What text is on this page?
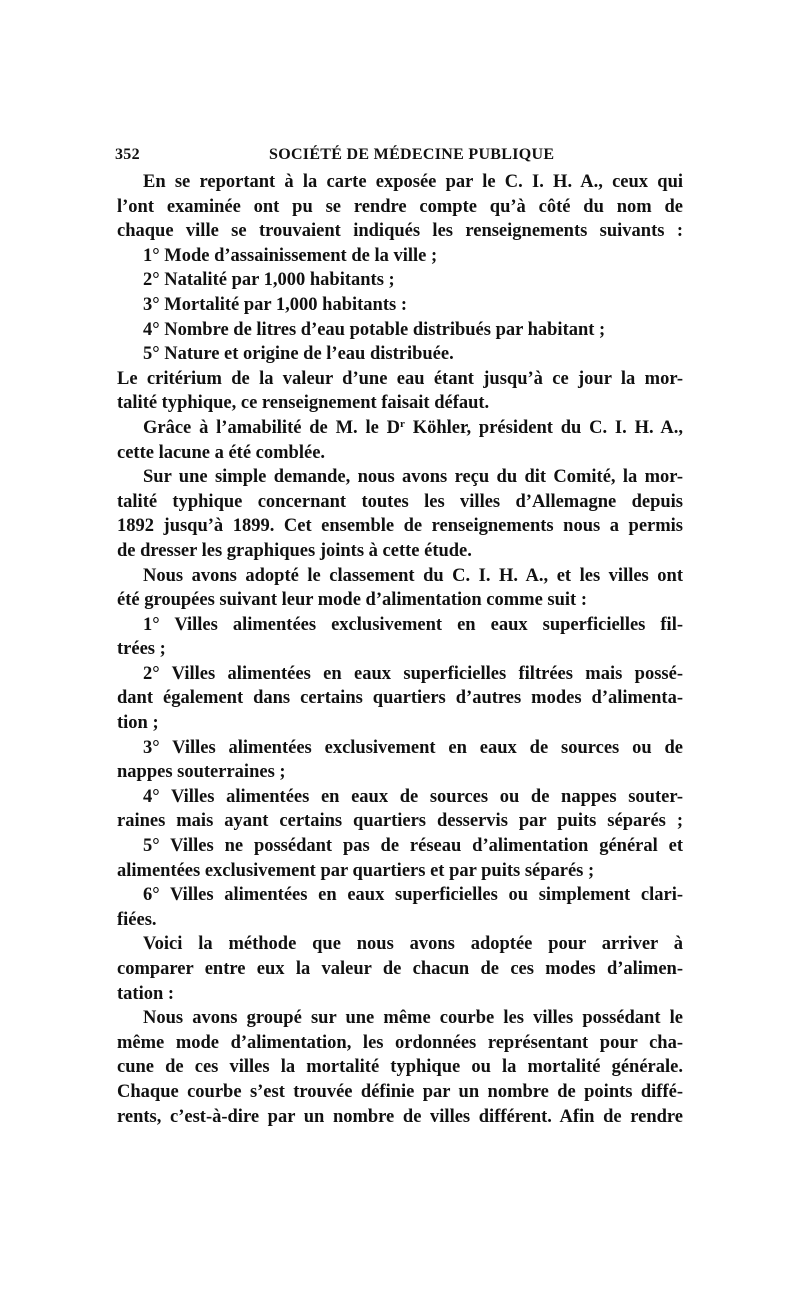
352	SOCIÉTÉ DE MÉDECINE PUBLIQUE
En se reportant à la carte exposée par le C. I. H. A., ceux qui
l’ont examinée ont pu se rendre compte qu’à côté du nom de
chaque ville se trouvaient indiqués les renseignements suivants :
1° Mode d’assainissement de la ville ;
2° Natalité par 1,000 habitants ;
3° Mortalité par 1,000 habitants :
4° Nombre de litres d’eau potable distribués par habitant ;
5° Nature et origine de l’eau distribuée.
Le critérium de la valeur d’une eau étant jusqu’à ce jour la mor-
talité typhique, ce renseignement faisait défaut.
Grâce à l’amabilité de M. le $D^r$ Köhler, président du C. I. H. A.,
cette lacune a été comblée.
Sur une simple demande, nous avons reçu du dit Comité, la mor-
talité typhique concernant toutes les villes d’Allemagne depuis
1892 jusqu’à 1899. Cet ensemble de renseignements nous a permis
de dresser les graphiques joints à cette étude.
Nous avons adopté le classement du C. I. H. A., et les villes ont
été groupées suivant leur mode d’alimentation comme suit :
1° Villes alimentées exclusivement en eaux superficielles fil-
trées ;
2° Villes alimentées en eaux superficielles filtrées mais possé-
dant également dans certains quartiers d’autres modes d’alimenta-
tion ;
3° Villes alimentées exclusivement en eaux de sources ou de
nappes souterraines ;
4° Villes alimentées en eaux de sources ou de nappes souter-
raines mais ayant certains quartiers desservis par puits séparés ;
5° Villes ne possédant pas de réseau d’alimentation général et
alimentées exclusivement par quartiers et par puits séparés ;
6° Villes alimentées en eaux superficielles ou simplement clari-
fiées.
Voici la méthode que nous avons adoptée pour arriver à
comparer entre eux la valeur de chacun de ces modes d’alimen-
tation :
Nous avons groupé sur une même courbe les villes possédant le
même mode d’alimentation, les ordonnées représentant pour cha-
cune de ces villes la mortalité typhique ou la mortalité générale.
Chaque courbe s’est trouvée définie par un nombre de points diffé-
rents, c’est-à-dire par un nombre de villes différent. Afin de rendre
